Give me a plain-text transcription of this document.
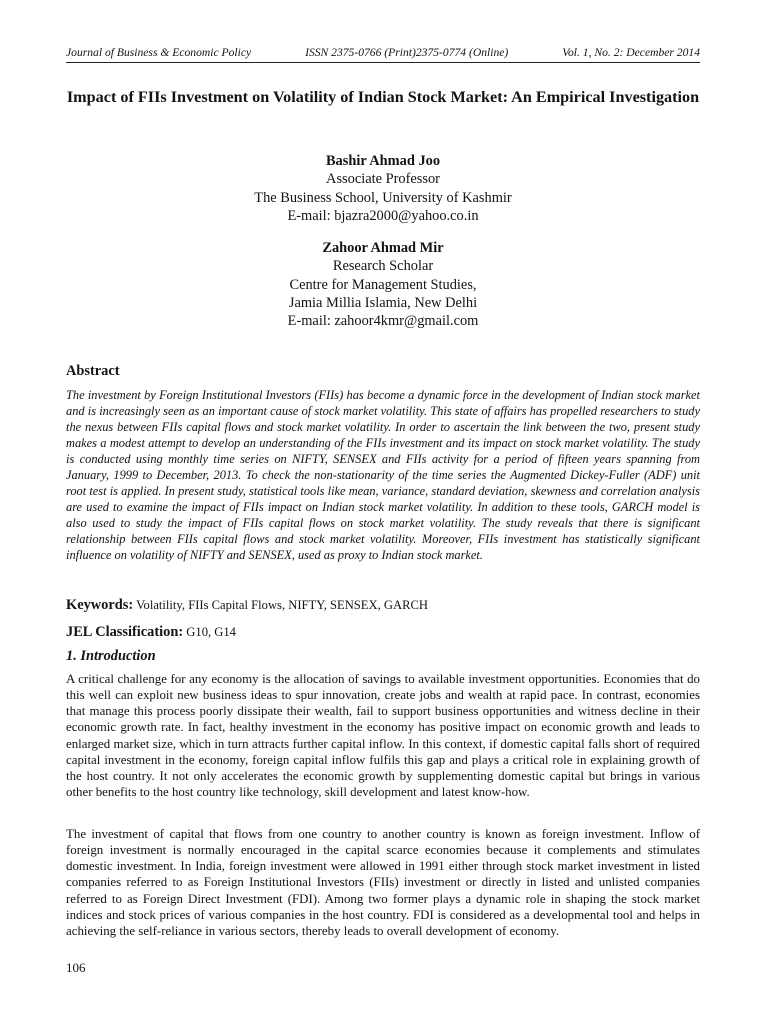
Journal of Business & Economic Policy	ISSN 2375-0766 (Print)2375-0774 (Online)	Vol. 1, No. 2: December 2014
Impact of FIIs Investment on Volatility of Indian Stock Market: An Empirical Investigation
Bashir Ahmad Joo
Associate Professor
The Business School, University of Kashmir
E-mail: bjazra2000@yahoo.co.in
Zahoor Ahmad Mir
Research Scholar
Centre for Management Studies,
Jamia Millia Islamia, New Delhi
E-mail: zahoor4kmr@gmail.com
Abstract
The investment by Foreign Institutional Investors (FIIs) has become a dynamic force in the development of Indian stock market and is increasingly seen as an important cause of stock market volatility. This state of affairs has propelled researchers to study the nexus between FIIs capital flows and stock market volatility. In order to ascertain the link between the two, present study makes a modest attempt to develop an understanding of the FIIs investment and its impact on stock market volatility. The study is conducted using monthly time series on NIFTY, SENSEX and FIIs activity for a period of fifteen years spanning from January, 1999 to December, 2013. To check the non-stationarity of the time series the Augmented Dickey-Fuller (ADF) unit root test is applied. In present study, statistical tools like mean, variance, standard deviation, skewness and correlation analysis are used to examine the impact of FIIs impact on Indian stock market volatility. In addition to these tools, GARCH model is also used to study the impact of FIIs capital flows on stock market volatility. The study reveals that there is significant relationship between FIIs capital flows and stock market volatility. Moreover, FIIs investment has statistically significant influence on volatility of NIFTY and SENSEX, used as proxy to Indian stock market.
Keywords: Volatility, FIIs Capital Flows, NIFTY, SENSEX, GARCH
JEL Classification: G10, G14
1. Introduction
A critical challenge for any economy is the allocation of savings to available investment opportunities. Economies that do this well can exploit new business ideas to spur innovation, create jobs and wealth at rapid pace. In contrast, economies that manage this process poorly dissipate their wealth, fail to support business opportunities and witness decline in their economic growth rate. In fact, healthy investment in the economy has positive impact on economic growth and leads to enlarged market size, which in turn attracts further capital inflow. In this context, if domestic capital falls short of required capital investment in the economy, foreign capital inflow fulfils this gap and plays a critical role in explaining growth of the host country. It not only accelerates the economic growth by supplementing domestic capital but brings in various other benefits to the host country like technology, skill development and latest know-how.
The investment of capital that flows from one country to another country is known as foreign investment. Inflow of foreign investment is normally encouraged in the capital scarce economies because it complements and stimulates domestic investment. In India, foreign investment were allowed in 1991 either through stock market investment in listed companies referred to as Foreign Institutional Investors (FIIs) investment or directly in listed and unlisted companies referred to as Foreign Direct Investment (FDI). Among two former plays a dynamic role in shaping the stock market indices and stock prices of various companies in the host country. FDI is considered as a developmental tool and helps in achieving the self-reliance in various sectors, thereby leads to overall development of economy.
106
